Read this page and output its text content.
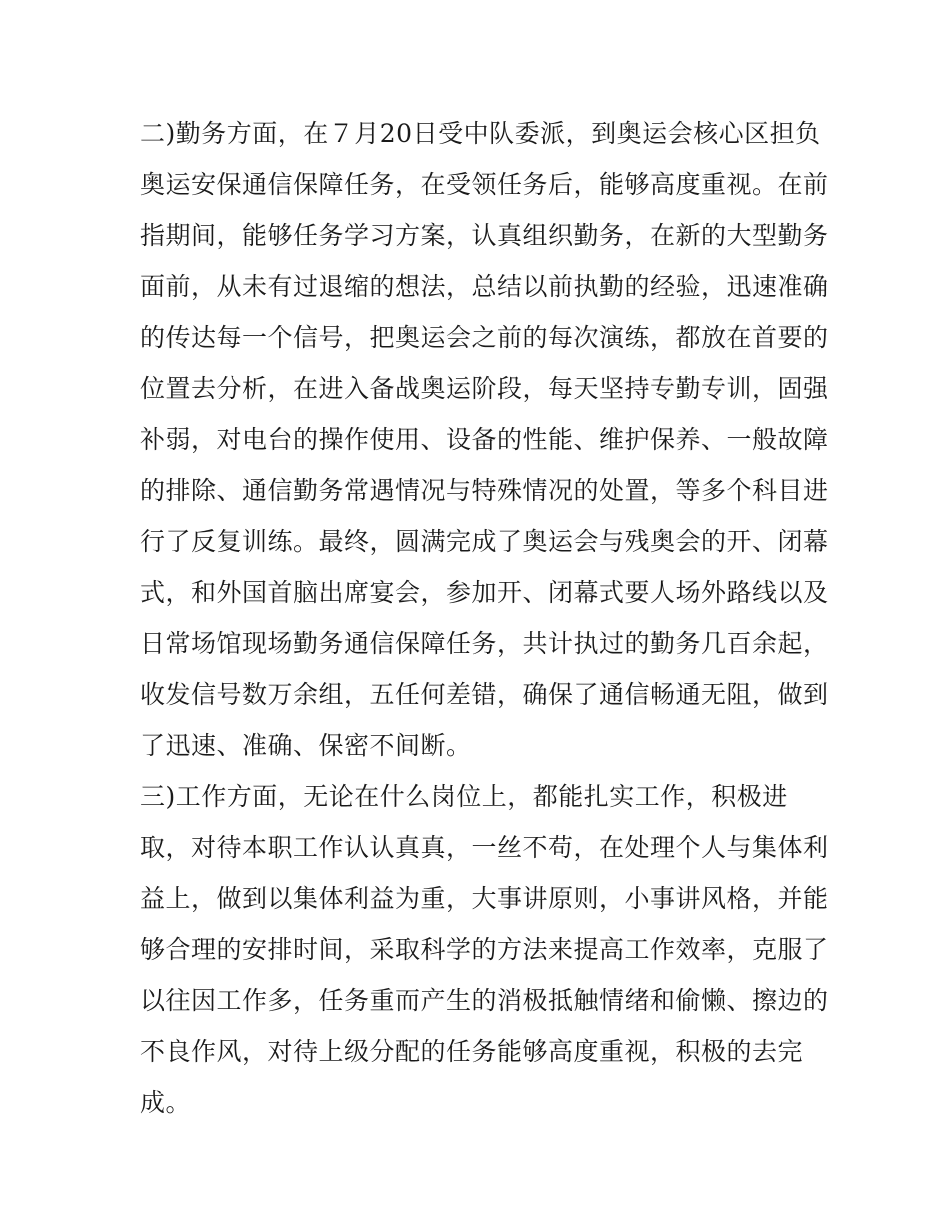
二)勤务方面，在７月20日受中队委派，到奥运会核心区担负
奥运安保通信保障任务，在受领任务后，能够高度重视。在前
指期间，能够任务学习方案，认真组织勤务，在新的大型勤务
面前，从未有过退缩的想法，总结以前执勤的经验，迅速准确
的传达每一个信号，把奥运会之前的每次演练，都放在首要的
位置去分析，在进入备战奥运阶段，每天坚持专勤专训，固强
补弱，对电台的操作使用、设备的性能、维护保养、一般故障
的排除、通信勤务常遇情况与特殊情况的处置，等多个科目进
行了反复训练。最终，圆满完成了奥运会与残奥会的开、闭幕
式，和外国首脑出席宴会，参加开、闭幕式要人场外路线以及
日常场馆现场勤务通信保障任务，共计执过的勤务几百余起，
收发信号数万余组，五任何差错，确保了通信畅通无阻，做到
了迅速、准确、保密不间断。
三)工作方面，无论在什么岗位上，都能扎实工作，积极进
取，对待本职工作认认真真，一丝不苟，在处理个人与集体利
益上，做到以集体利益为重，大事讲原则，小事讲风格，并能
够合理的安排时间，采取科学的方法来提高工作效率，克服了
以往因工作多，任务重而产生的消极抵触情绪和偷懒、擦边的
不良作风，对待上级分配的任务能够高度重视，积极的去完
成。
